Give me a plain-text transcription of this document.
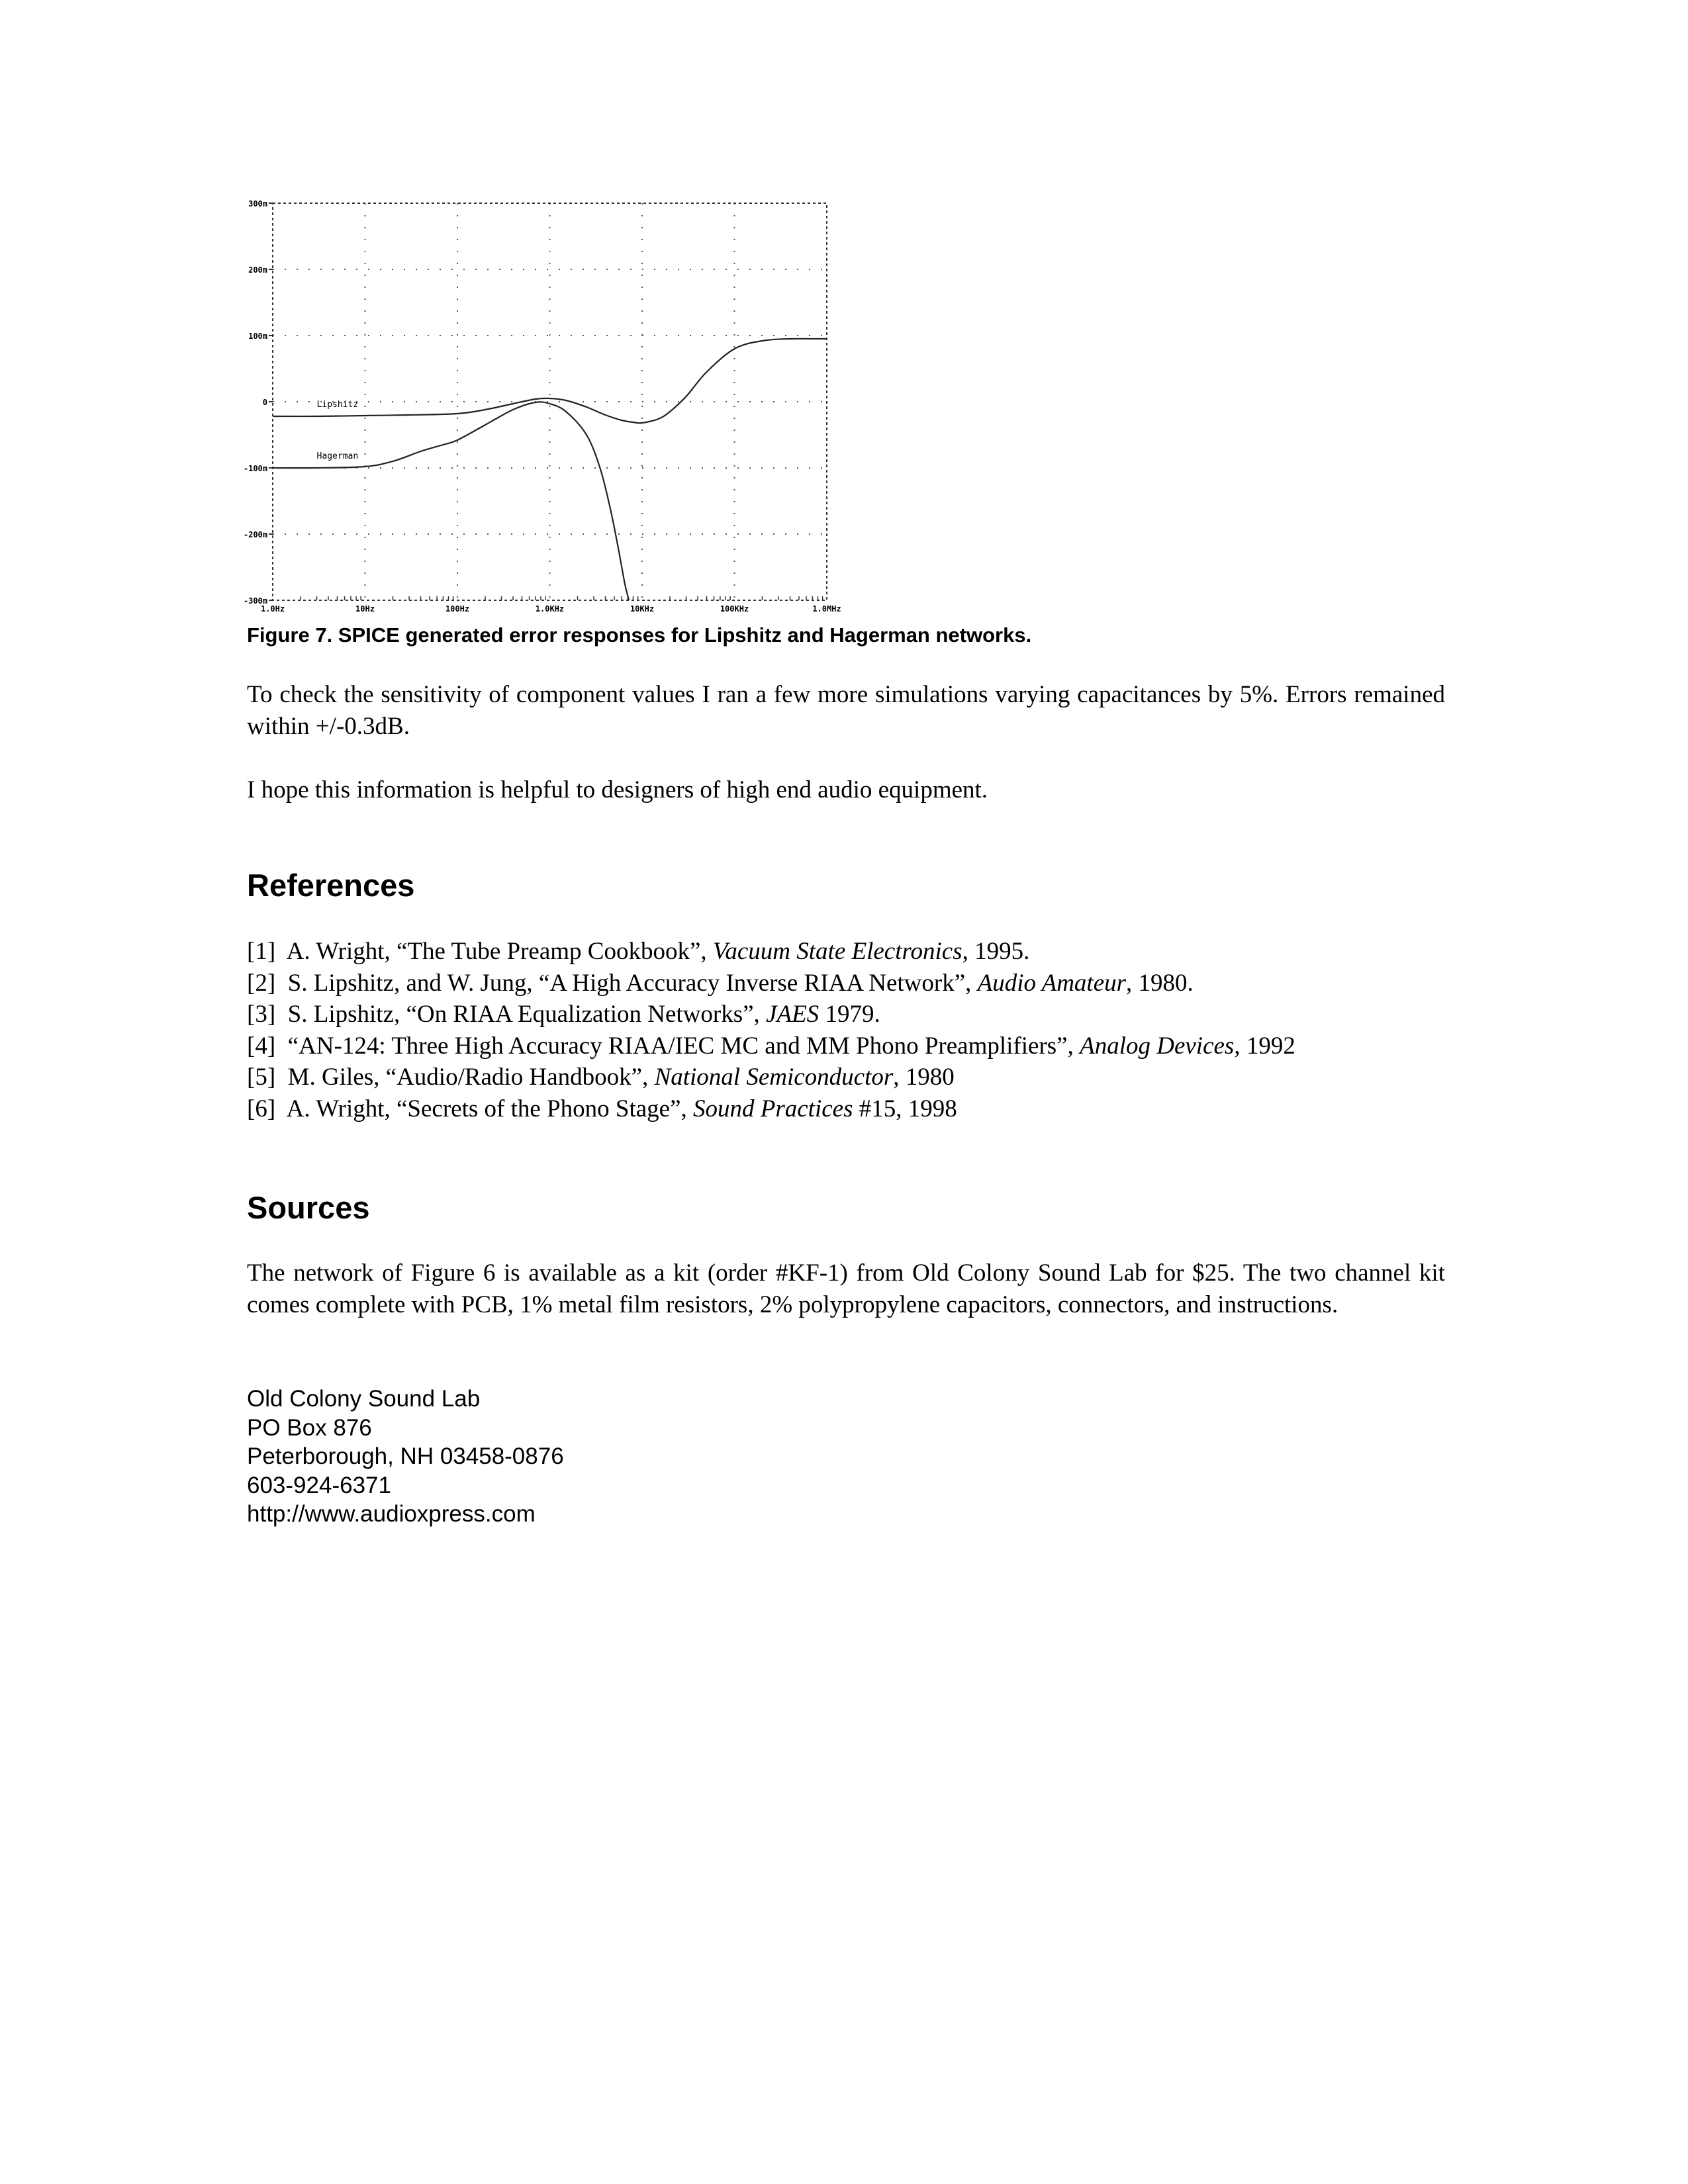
300m
200m
100m
0
-100m
-200m
-300m
1.0Hz	10Hz	100Hz	1.0KHz	10KHz	100KHz	1.0MHz
Lipshitz
Hagerman
Figure 7. SPICE generated error responses for Lipshitz and Hagerman networks.

To check the sensitivity of component values I ran a few more simulations varying capacitances by 5%. Errors remained within +/-0.3dB.

I hope this information is helpful to designers of high end audio equipment.

References
[1] A. Wright, “The Tube Preamp Cookbook”, Vacuum State Electronics, 1995.
[2] S. Lipshitz, and W. Jung, “A High Accuracy Inverse RIAA Network”, Audio Amateur, 1980.
[3] S. Lipshitz, “On RIAA Equalization Networks”, JAES 1979.
[4] “AN-124: Three High Accuracy RIAA/IEC MC and MM Phono Preamplifiers”, Analog Devices, 1992
[5] M. Giles, “Audio/Radio Handbook”, National Semiconductor, 1980
[6] A. Wright, “Secrets of the Phono Stage”, Sound Practices #15, 1998
Sources

The network of Figure 6 is available as a kit (order #KF-1) from Old Colony Sound Lab for $25. The two channel kit comes complete with PCB, 1% metal film resistors, 2% polypropylene capacitors, connectors, and instructions.

Old Colony Sound Lab
PO Box 876
Peterborough, NH 03458-0876
603-924-6371
http://www.audioxpress.com
